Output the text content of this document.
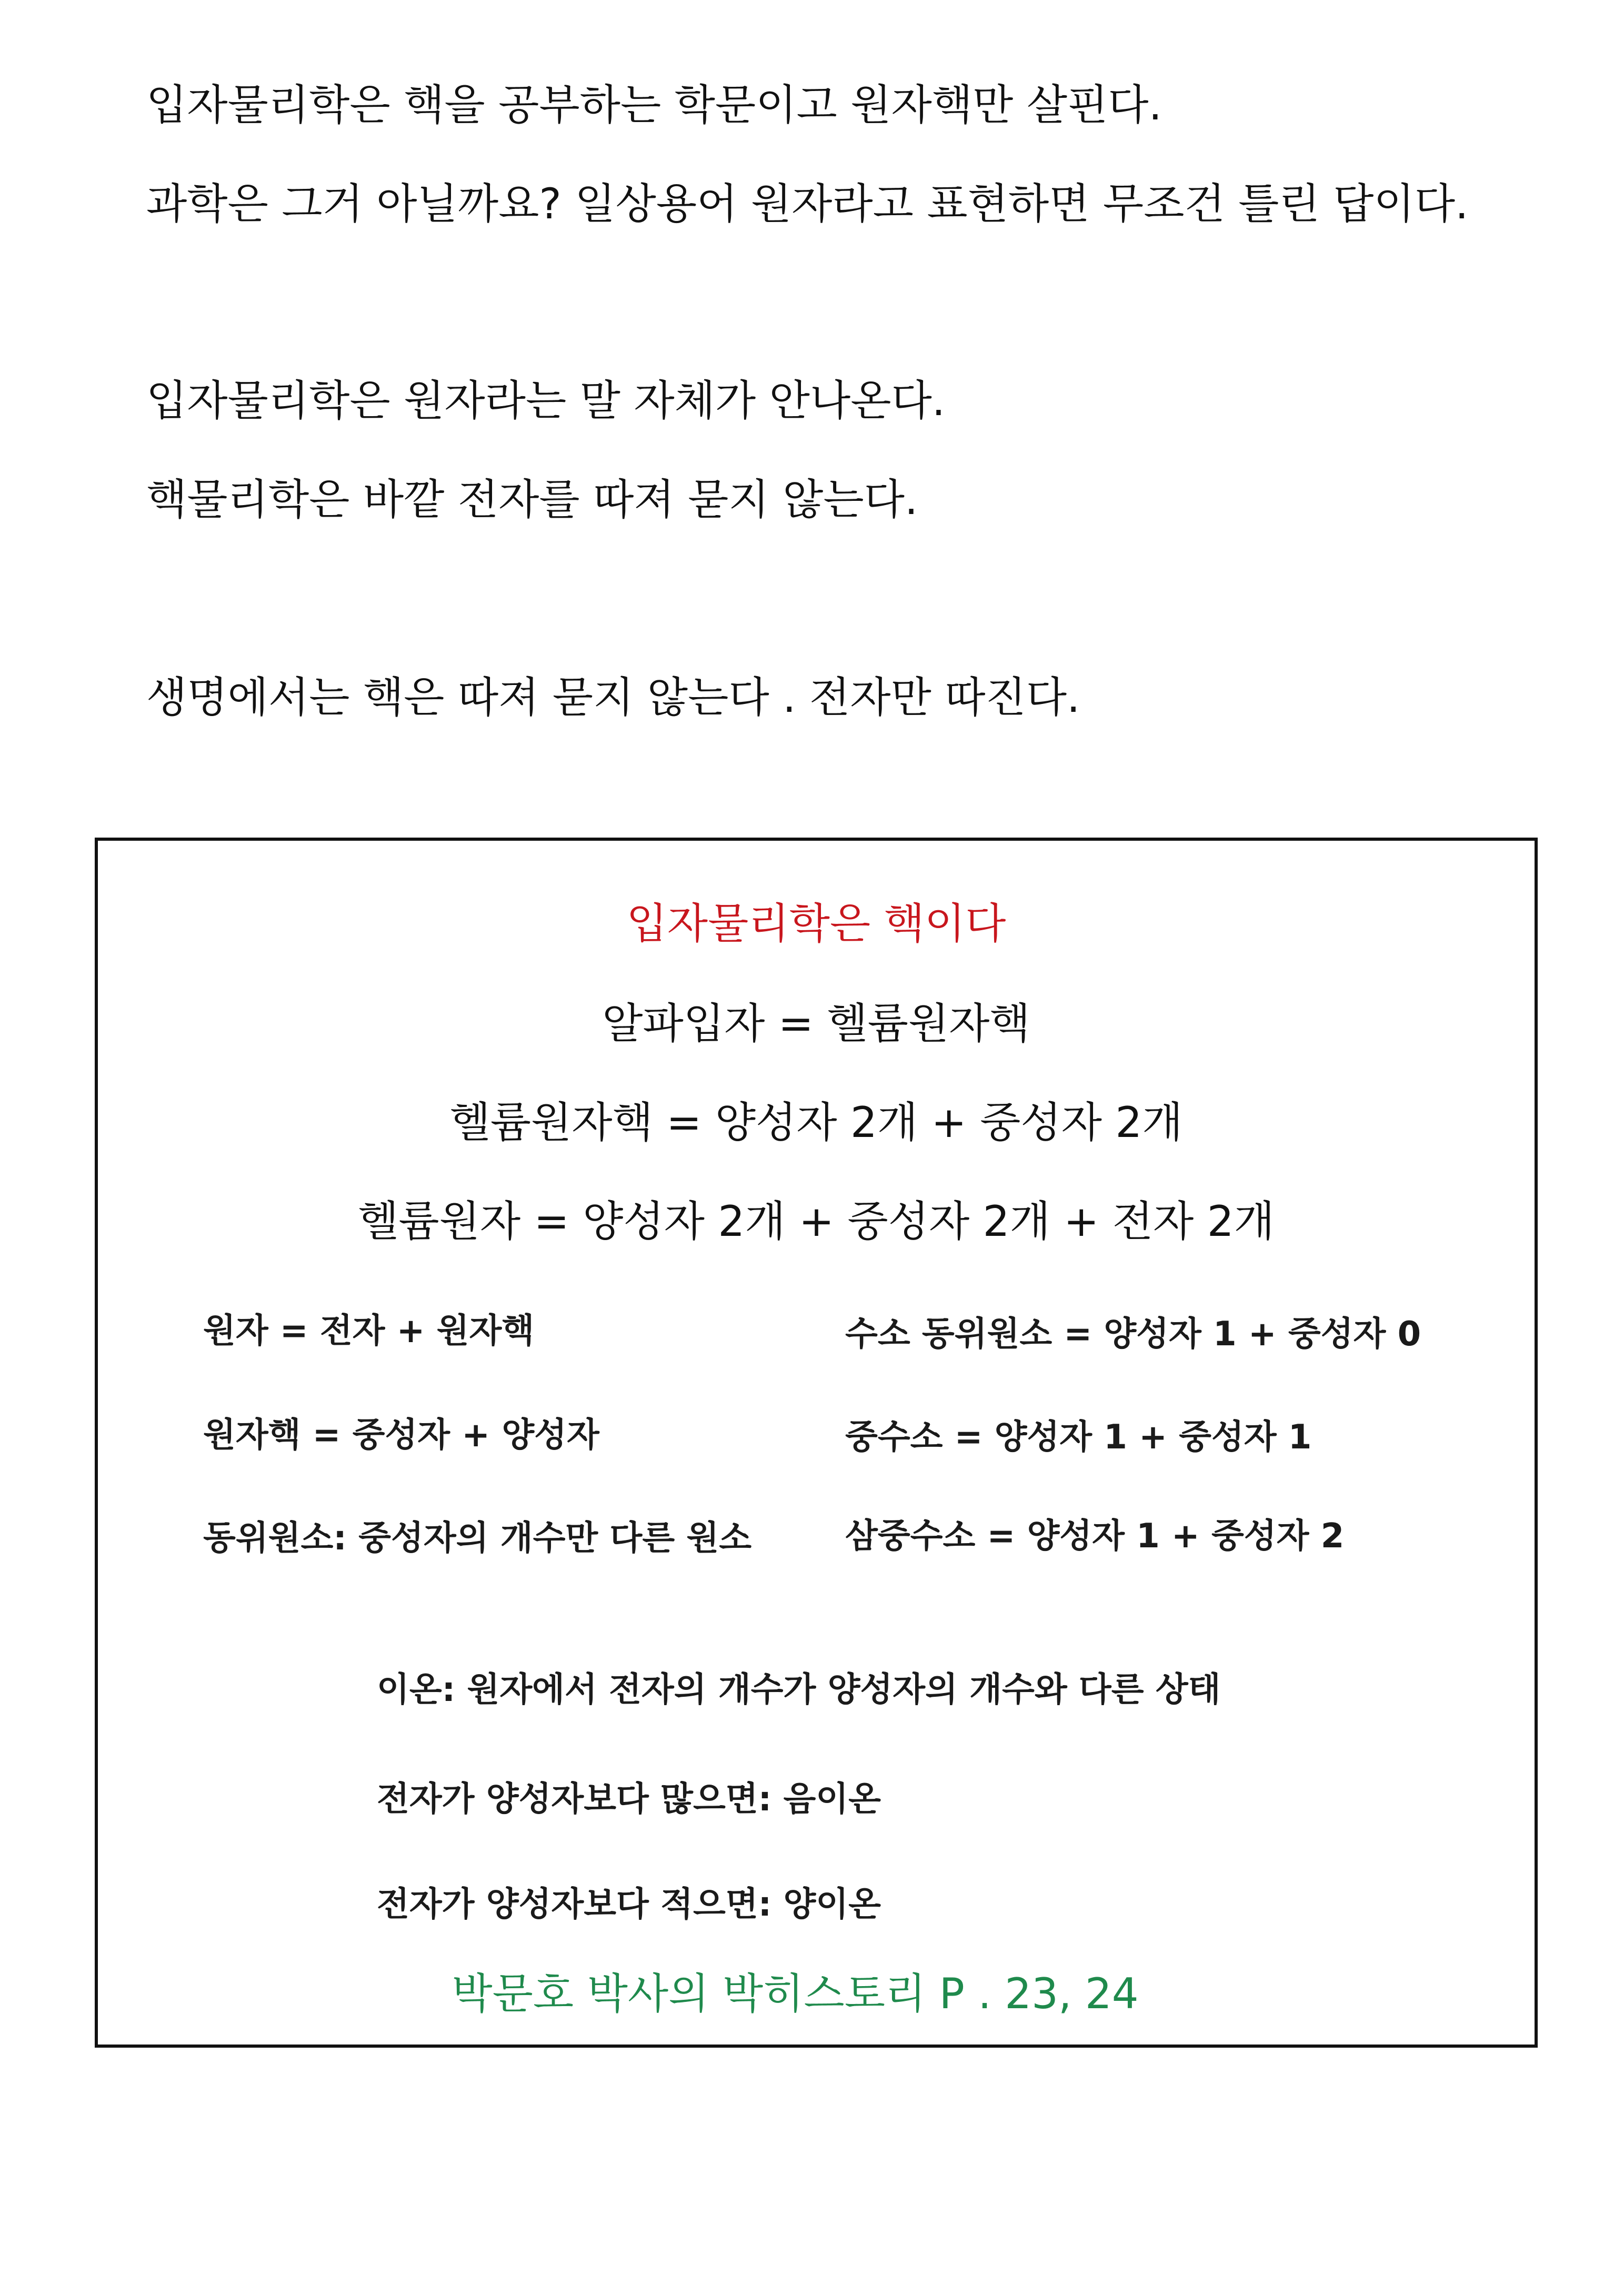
입자물리학은 핵을 공부하는 학문이고 원자핵만 살핀다.
과학은 그거 아닐까요? 일상용어 원자라고 표현하면 무조건 틀린 답이다.
입자물리학은 원자라는 말 자체가 안나온다.
핵물리학은 바깥 전자를 따져 묻지 않는다.
생명에서는 핵은 따져 묻지 않는다 . 전자만 따진다.
입자물리학은 핵이다
알파입자 = 헬륨원자핵
헬륨원자핵 = 양성자 2개 + 중성자 2개
헬륨원자 = 양성자 2개 + 중성자 2개 + 전자 2개
원자 = 전자 + 원자핵
원자핵 = 중성자 + 양성자
동위원소: 중성자의 개수만 다른 원소
수소 동위원소 = 양성자 1 + 중성자 0
중수소 = 양성자 1 + 중성자 1
삼중수소 = 양성자 1 + 중성자 2
이온: 원자에서 전자의 개수가 양성자의 개수와 다른 상태
전자가 양성자보다 많으면: 음이온
전자가 양성자보다 적으면: 양이온
박문호 박사의 박히스토리 P . 23, 24
